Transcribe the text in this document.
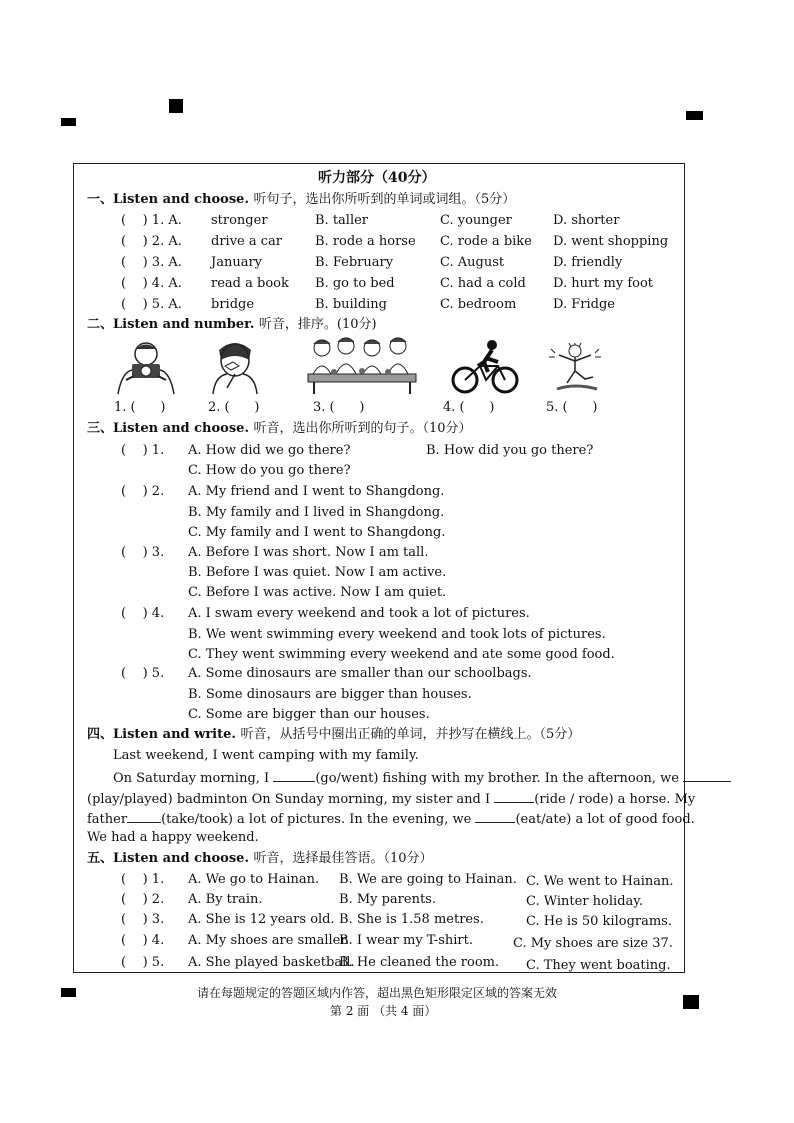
听力部分（40分）
一、Listen and choose. 听句子，选出你所听到的单词或词组。（5分）
(    ) 1. A. stronger	B. taller	C. younger	D. shorter
(    ) 2. A. drive a car	B. rode a horse C. rode a bike D. went shopping
(    ) 3. A. January	B. February	C. August	D. friendly
(    ) 4. A. read a book B. go to bed	C. had a cold D. hurt my foot
(    ) 5. A. bridge	B. building	C. bedroom	D. Fridge
二、Listen and number. 听音，排序。(10分)
1. (      )	2. (      )	3. (      )	4. (      )	5. (      )
三、Listen and choose. 听音，选出你所听到的句子。（10分）
(    ) 1. A. How did we go there?	B. How did you go there?
C. How do you go there?
(    ) 2. A. My friend and I went to Shangdong.
B. My family and I lived in Shangdong.
C. My family and I went to Shangdong.
(    ) 3. A. Before I was short. Now I am tall.
B. Before I was quiet. Now I am active.
C. Before I was active. Now I am quiet.
(    ) 4. A. I swam every weekend and took a lot of pictures.
B. We went swimming every weekend and took lots of pictures.
C. They went swimming every weekend and ate some good food.
(    ) 5. A. Some dinosaurs are smaller than our schoolbags.
B. Some dinosaurs are bigger than houses.
C. Some are bigger than our houses.
四、Listen and write. 听音，从括号中圈出正确的单词，并抄写在横线上。（5分）
Last weekend, I went camping with my family.
On Saturday morning, I	(go/went) fishing with my brother. In the afternoon, we
(play/played) badminton On Sunday morning, my sister and I	(ride / rode) a horse. My
father	(take/took) a lot of pictures. In the evening, we	(eat/ate) a lot of good food.
We had a happy weekend.
五、Listen and choose. 听音，选择最佳答语。（10分）
(    ) 1. A. We go to Hainan. B. We are going to Hainan. C. We went to Hainan.
(    ) 2. A. By train.	B. My parents.	C. Winter holiday.
(    ) 3. A. She is 12 years old. B. She is 1.58 metres.	C. He is 50 kilograms.
(    ) 4. A. My shoes are smaller.
B. I wear my T-shirt.	C. My shoes are size 37.
(    ) 5. A. She played basketball.
B. He cleaned the room. C. They went boating.
请在每题规定的答题区域内作答，超出黑色矩形限定区域的答案无效
第 2 面 （共 4 面）
